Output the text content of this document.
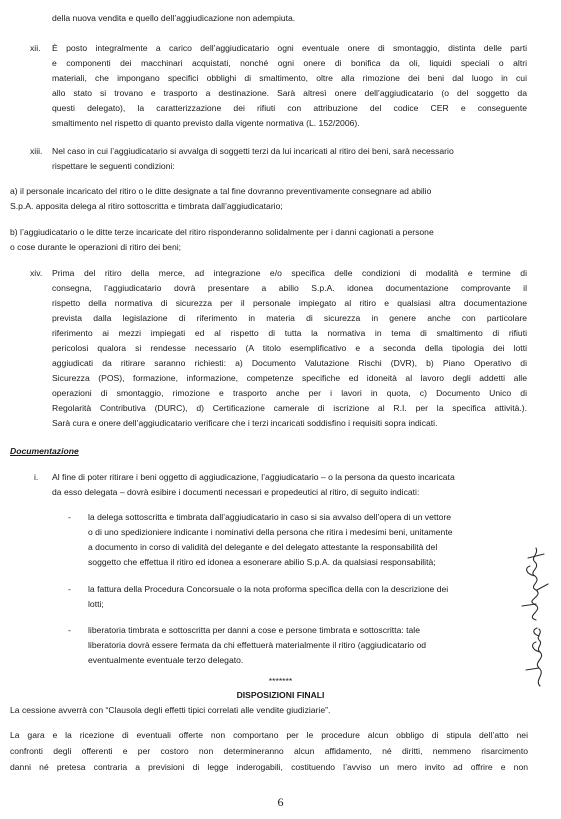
della nuova vendita e quello dell’aggiudicazione non adempiuta.
xii. È posto integralmente a carico dell’aggiudicatario ogni eventuale onere di smontaggio, distinta delle parti
e componenti dei macchinari acquistati, nonché ogni onere di bonifica da oli, liquidi speciali o altri
materiali, che impongano specifici obblighi di smaltimento, oltre alla rimozione dei beni dal luogo in cui
allo stato si trovano e trasporto a destinazione. Sarà altresì onere dell’aggiudicatario (o del soggetto da
questi delegato), la caratterizzazione dei rifiuti con attribuzione del codice CER e conseguente
smaltimento nel rispetto di quanto previsto dalla vigente normativa (L. 152/2006).
xiii. Nel caso in cui l’aggiudicatario si avvalga di soggetti terzi da lui incaricati al ritiro dei beni, sarà necessario
rispettare le seguenti condizioni:
a) il personale incaricato del ritiro o le ditte designate a tal fine dovranno preventivamente consegnare ad abilio
S.p.A. apposita delega al ritiro sottoscritta e timbrata dall’aggiudicatario;
b) l’aggiudicatario o le ditte terze incaricate del ritiro risponderanno solidalmente per i danni cagionati a persone
o cose durante le operazioni di ritiro dei beni;
xiv. Prima del ritiro della merce, ad integrazione e/o specifica delle condizioni di modalità e termine di
consegna, l’aggiudicatario dovrà presentare a abilio S.p.A. idonea documentazione comprovante il
rispetto della normativa di sicurezza per il personale impiegato al ritiro e qualsiasi altra documentazione
prevista dalla legislazione di riferimento in materia di sicurezza in genere anche con particolare
riferimento ai mezzi impiegati ed al rispetto di tutta la normativa in tema di smaltimento di rifiuti
pericolosi qualora si rendesse necessario (A titolo esemplificativo e a seconda della tipologia dei lotti
aggiudicati da ritirare saranno richiesti: a) Documento Valutazione Rischi (DVR), b) Piano Operativo di
Sicurezza (POS), formazione, informazione, competenze specifiche ed idoneità al lavoro degli addetti alle
operazioni di smontaggio, rimozione e trasporto anche per i lavori in quota, c) Documento Unico di
Regolarità Contributiva (DURC), d) Certificazione camerale di iscrizione al R.I. per la specifica attività.).
Sarà cura e onere dell’aggiudicatario verificare che i terzi incaricati soddisfino i requisiti sopra indicati.
Documentazione
i. Al fine di poter ritirare i beni oggetto di aggiudicazione, l’aggiudicatario – o la persona da questo incaricata
da esso delegata – dovrà esibire i documenti necessari e propedeutici al ritiro, di seguito indicati:
- la delega sottoscritta e timbrata dall’aggiudicatario in caso si sia avvalso dell’opera di un vettore
o di uno spedizioniere indicante i nominativi della persona che ritira i medesimi beni, unitamente
a documento in corso di validità del delegante e del delegato attestante la responsabilità del
soggetto che effettua il ritiro ed idonea a esonerare abilio S.p.A. da qualsiasi responsabilità;
- la fattura della Procedura Concorsuale o la nota proforma specifica della con la descrizione dei
lotti;
- liberatoria timbrata e sottoscritta per danni a cose e persone timbrata e sottoscritta: tale
liberatoria dovrà essere fermata da chi effettuerà materialmente il ritiro (aggiudicatario od
eventualmente eventuale terzo delegato.
*******
DISPOSIZIONI FINALI
La cessione avverrà con “Clausola degli effetti tipici correlati alle vendite giudiziarie”.
La gara e la ricezione di eventuali offerte non comportano per le procedure alcun obbligo di stipula dell’atto nei
confronti degli offerenti e per costoro non determineranno alcun affidamento, né diritti, nemmeno risarcimento
danni né pretesa contraria a previsioni di legge inderogabili, costituendo l’avviso un mero invito ad offrire e non
6
